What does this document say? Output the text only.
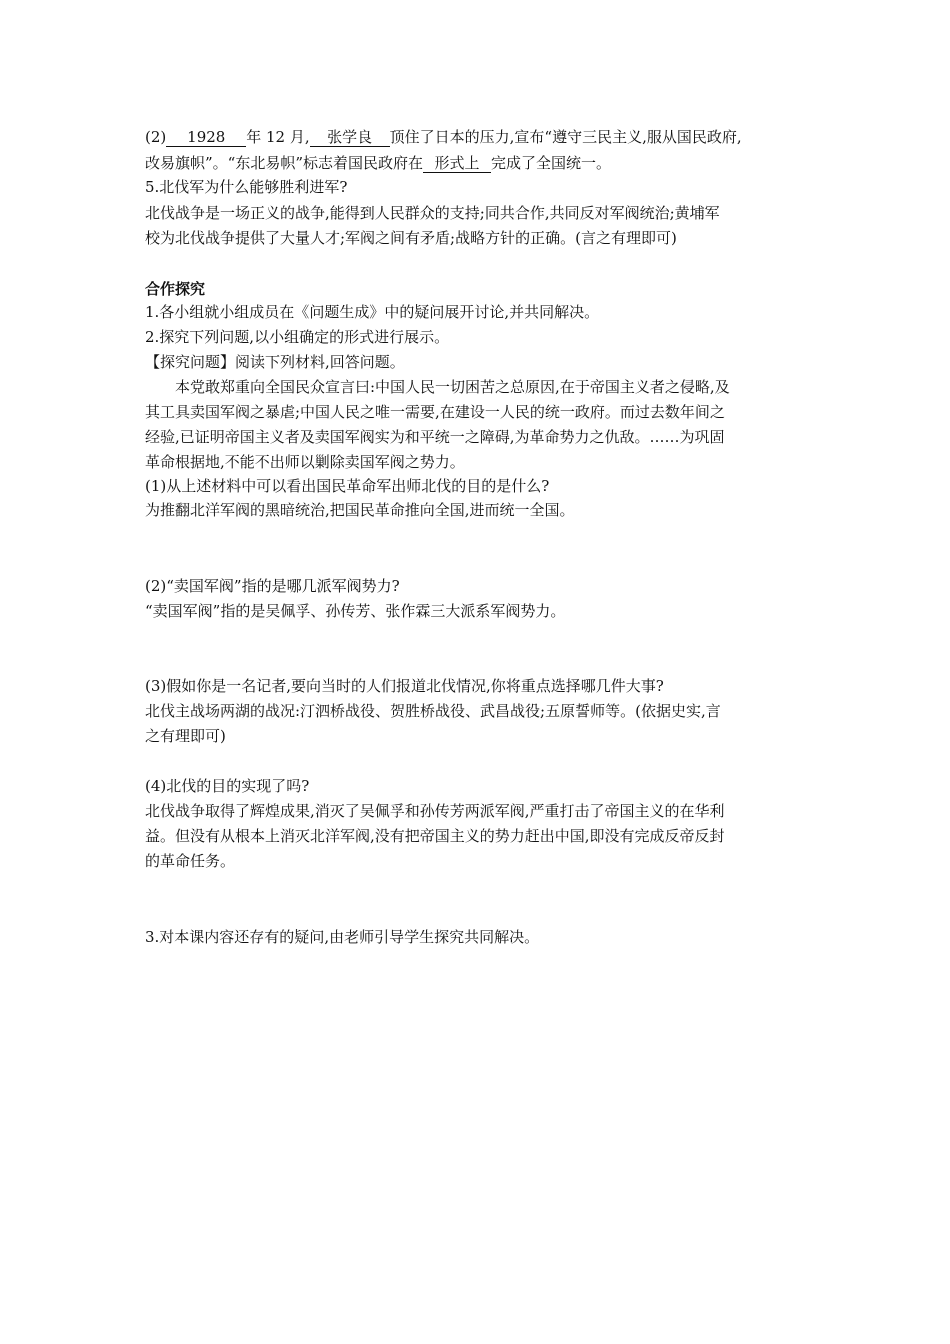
(2) 1928 年 12 月, 张学良 顶住了日本的压力,宣布“遵守三民主义,服从国民政府,
改易旗帜”。“东北易帜”标志着国民政府在 形式上 完成了全国统一。
5.北伐军为什么能够胜利进军?
北伐战争是一场正义的战争,能得到人民群众的支持;同共合作,共同反对军阀统治;黄埔军
校为北伐战争提供了大量人才;军阀之间有矛盾;战略方针的正确。(言之有理即可)
合作探究
1.各小组就小组成员在《问题生成》中的疑问展开讨论,并共同解决。
2.探究下列问题,以小组确定的形式进行展示。
【探究问题】阅读下列材料,回答问题。
本党敢郑重向全国民众宣言曰:中国人民一切困苦之总原因,在于帝国主义者之侵略,及
其工具卖国军阀之暴虐;中国人民之唯一需要,在建设一人民的统一政府。而过去数年间之
经验,已证明帝国主义者及卖国军阀实为和平统一之障碍,为革命势力之仇敌。……为巩固
革命根据地,不能不出师以剿除卖国军阀之势力。
(1)从上述材料中可以看出国民革命军出师北伐的目的是什么?
为推翻北洋军阀的黑暗统治,把国民革命推向全国,进而统一全国。
(2)“卖国军阀”指的是哪几派军阀势力?
“卖国军阀”指的是吴佩孚、孙传芳、张作霖三大派系军阀势力。
(3)假如你是一名记者,要向当时的人们报道北伐情况,你将重点选择哪几件大事?
北伐主战场两湖的战况:汀泗桥战役、贺胜桥战役、武昌战役;五原誓师等。(依据史实,言
之有理即可)
(4)北伐的目的实现了吗?
北伐战争取得了辉煌成果,消灭了吴佩孚和孙传芳两派军阀,严重打击了帝国主义的在华利
益。但没有从根本上消灭北洋军阀,没有把帝国主义的势力赶出中国,即没有完成反帝反封
的革命任务。
3.对本课内容还存有的疑问,由老师引导学生探究共同解决。
